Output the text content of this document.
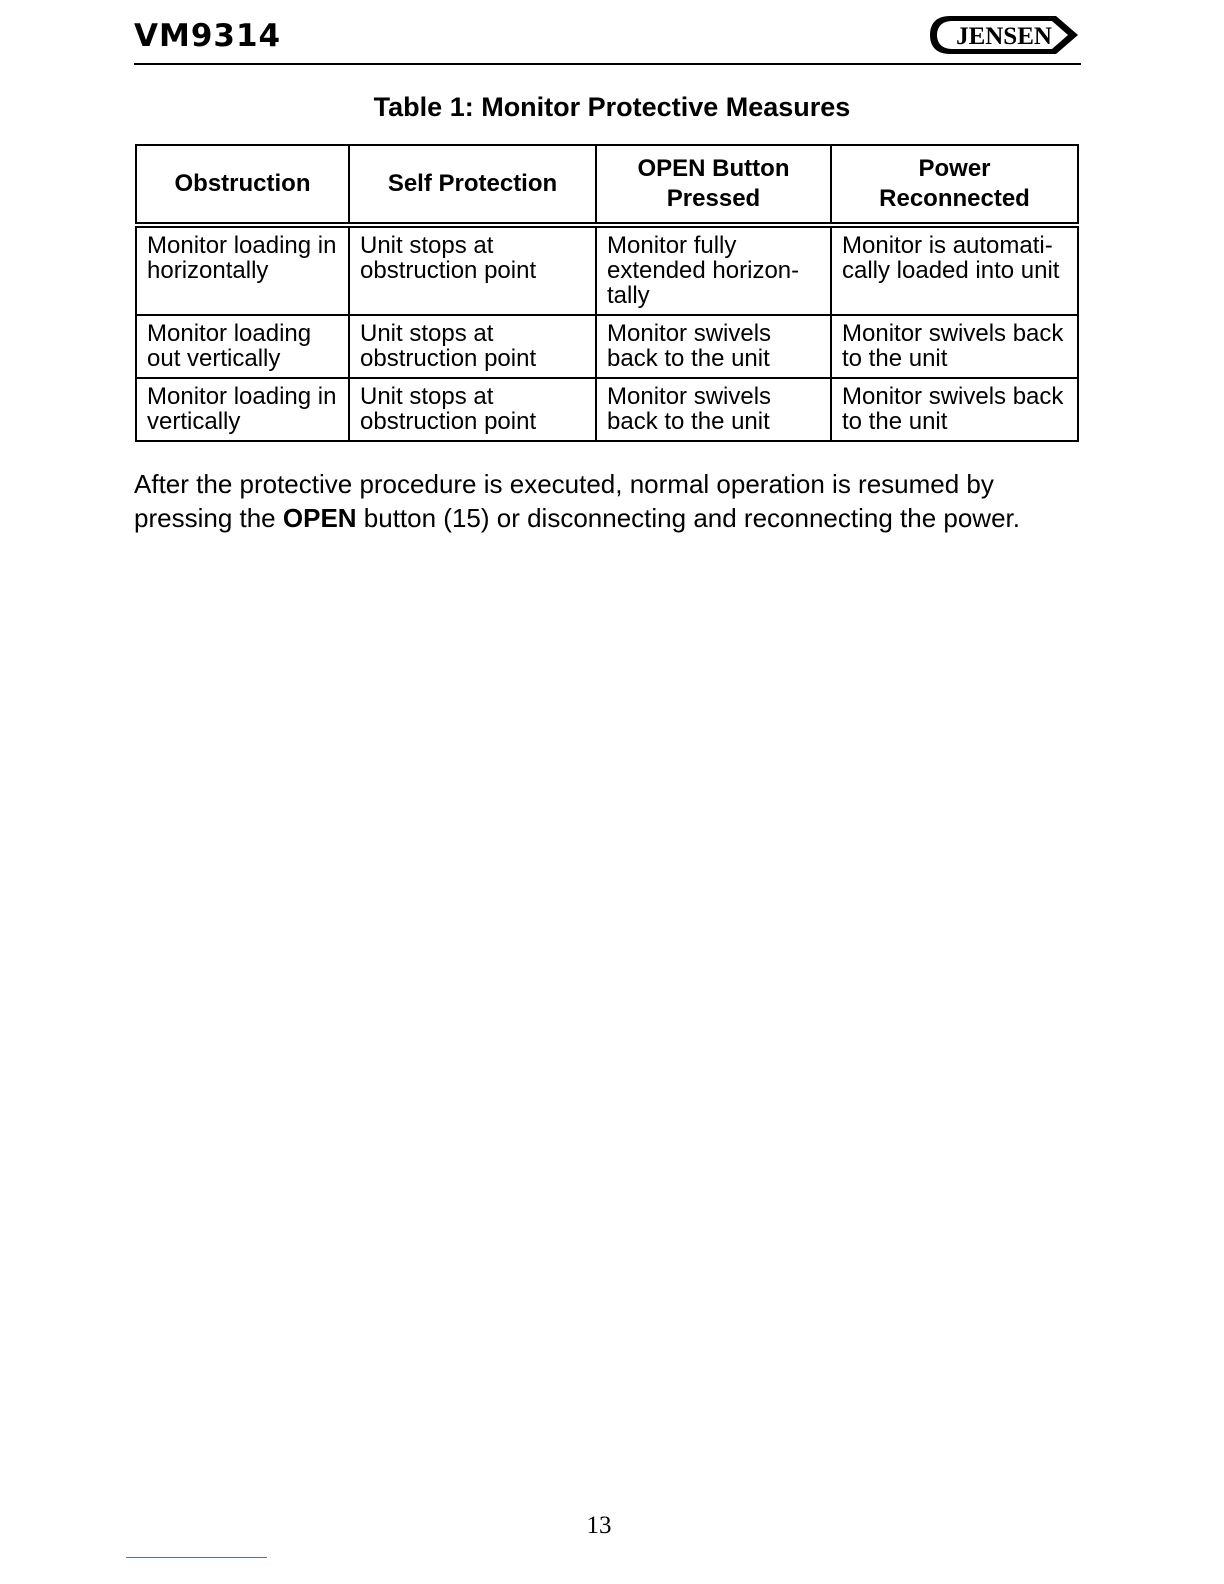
VM9314	JENSEN
Table 1: Monitor Protective Measures
Obstruction	Self Protection	OPEN Button Pressed	Power Reconnected
Monitor loading in horizontally	Unit stops at obstruction point	Monitor fully extended horizon-tally	Monitor is automati-cally loaded into unit
Monitor loading out vertically	Unit stops at obstruction point	Monitor swivels back to the unit	Monitor swivels back to the unit
Monitor loading in vertically	Unit stops at obstruction point	Monitor swivels back to the unit	Monitor swivels back to the unit

After the protective procedure is executed, normal operation is resumed by pressing the OPEN button (15) or disconnecting and reconnecting the power.

13
